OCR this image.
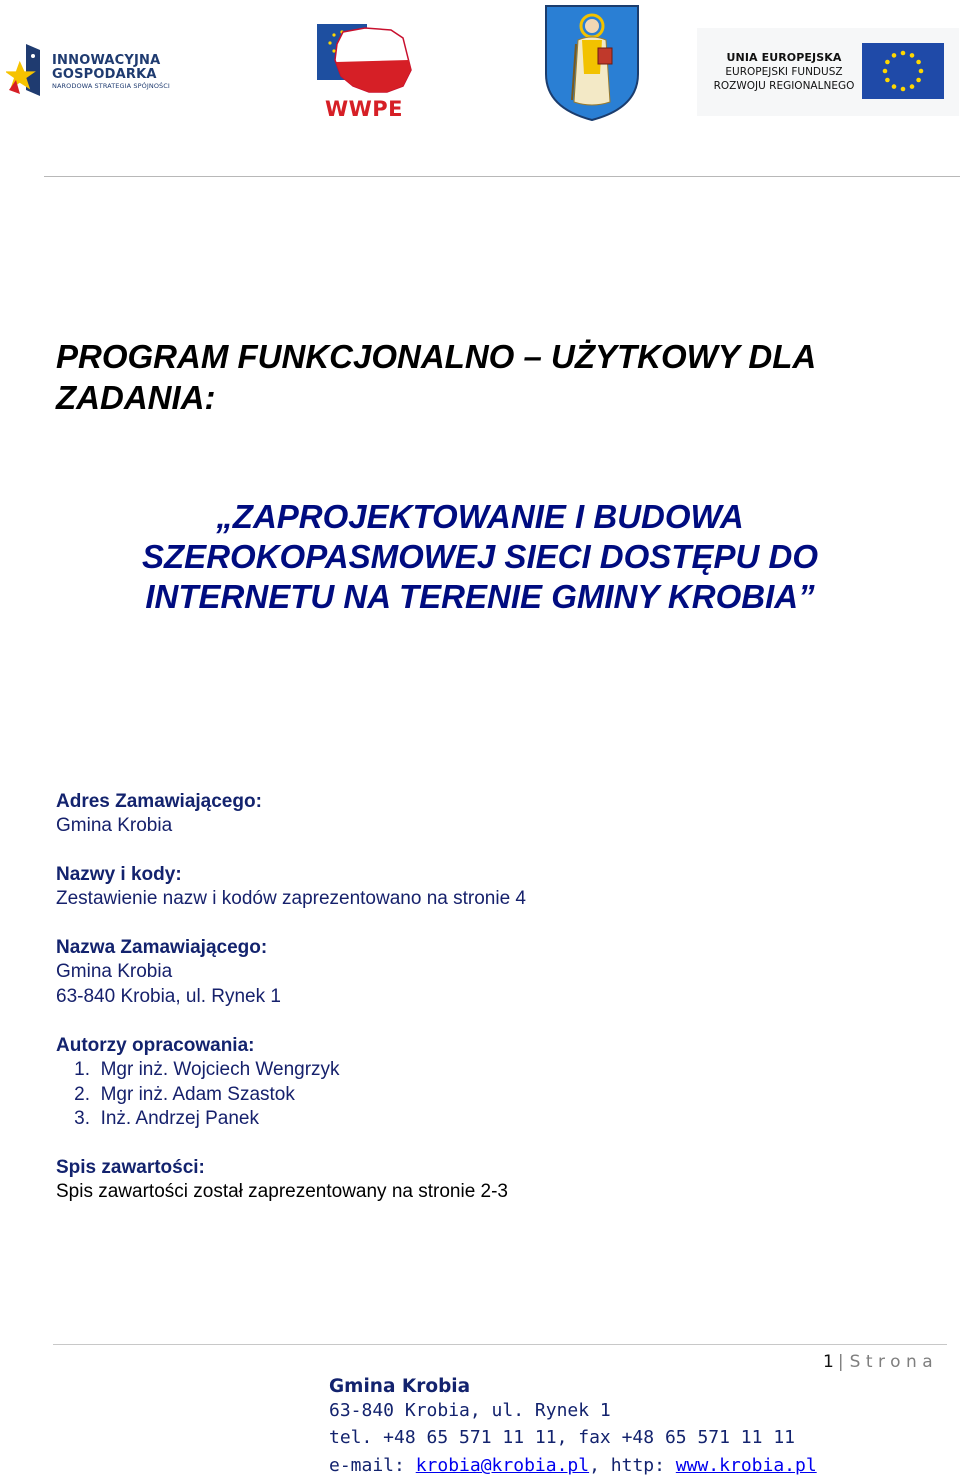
INNOWACYJNA
GOSPODARKA
NARODOWA STRATEGIA SPÓJNOŚCI
WWPE
UNIA EUROPEJSKA
EUROPEJSKI FUNDUSZ
ROZWOJU REGIONALNEGO
PROGRAM FUNKCJONALNO – UŻYTKOWY DLA
ZADANIA:
„ZAPROJEKTOWANIE I BUDOWA
SZEROKOPASMOWEJ SIECI DOSTĘPU DO
INTERNETU NA TERENIE GMINY KROBIA”
Adres Zamawiającego:
Gmina Krobia
Nazwy i kody:
Zestawienie nazw i kodów zaprezentowano na stronie 4
Nazwa Zamawiającego:
Gmina Krobia
63-840 Krobia, ul. Rynek 1
Autorzy opracowania:
1. Mgr inż. Wojciech Wengrzyk
2. Mgr inż. Adam Szastok
3. Inż. Andrzej Panek
Spis zawartości:
Spis zawartości został zaprezentowany na stronie 2-3
1 | Strona
Gmina Krobia
63-840 Krobia, ul. Rynek 1
tel. +48 65 571 11 11, fax +48 65 571 11 11
e-mail: krobia@krobia.pl, http: www.krobia.pl
